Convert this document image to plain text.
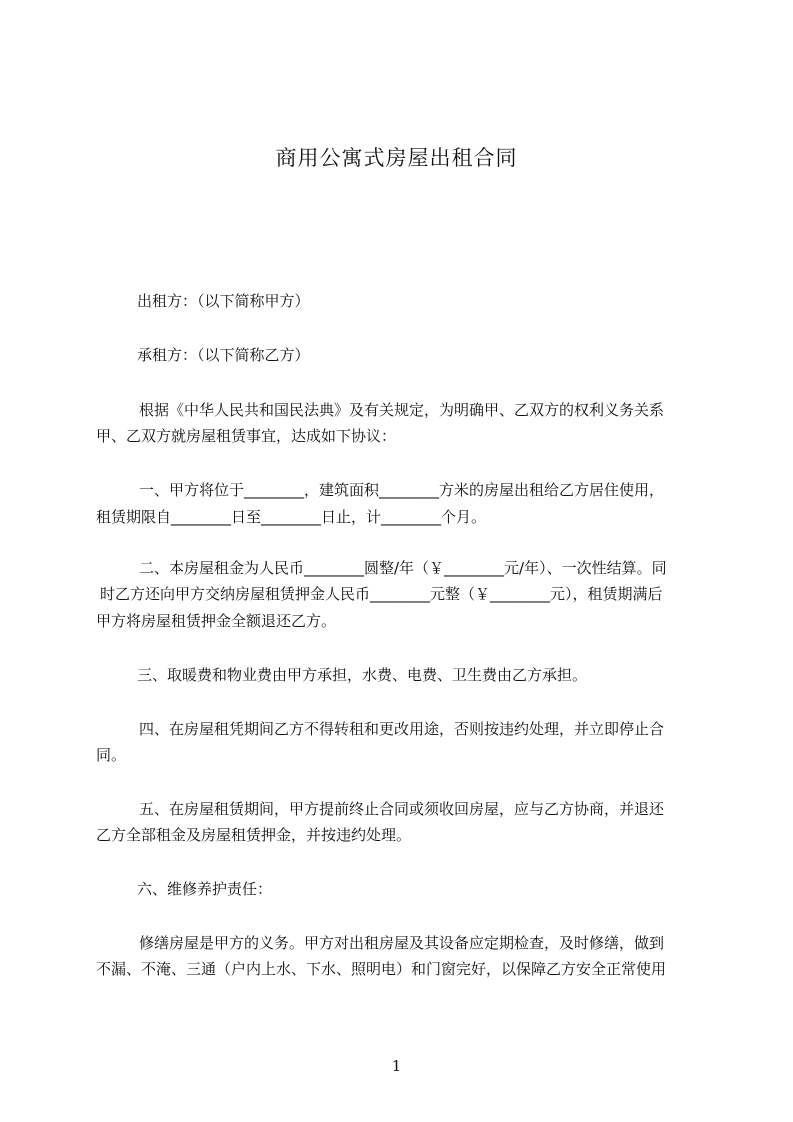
商用公寓式房屋出租合同
出租方：（以下简称甲方）
承租方：（以下简称乙方）
根据《中华人民共和国民法典》及有关规定，为明确甲、乙双方的权利义务关系
甲、乙双方就房屋租赁事宜，达成如下协议：
一、甲方将位于________，建筑面积________方米的房屋出租给乙方居住使用，
租赁期限自________日至________日止，计________个月。
二、本房屋租金为人民币________圆整/年（￥________元/年）、一次性结算。同
时乙方还向甲方交纳房屋租赁押金人民币________元整（￥________元），租赁期满后
甲方将房屋租赁押金全额退还乙方。
三、取暖费和物业费由甲方承担，水费、电费、卫生费由乙方承担。
四、在房屋租凭期间乙方不得转租和更改用途，否则按违约处理，并立即停止合
同。
五、在房屋租赁期间，甲方提前终止合同或须收回房屋，应与乙方协商，并退还
乙方全部租金及房屋租赁押金，并按违约处理。
六、维修养护责任：
修缮房屋是甲方的义务。甲方对出租房屋及其设备应定期检查，及时修缮，做到
不漏、不淹、三通（户内上水、下水、照明电）和门窗完好，以保障乙方安全正常使用
1
